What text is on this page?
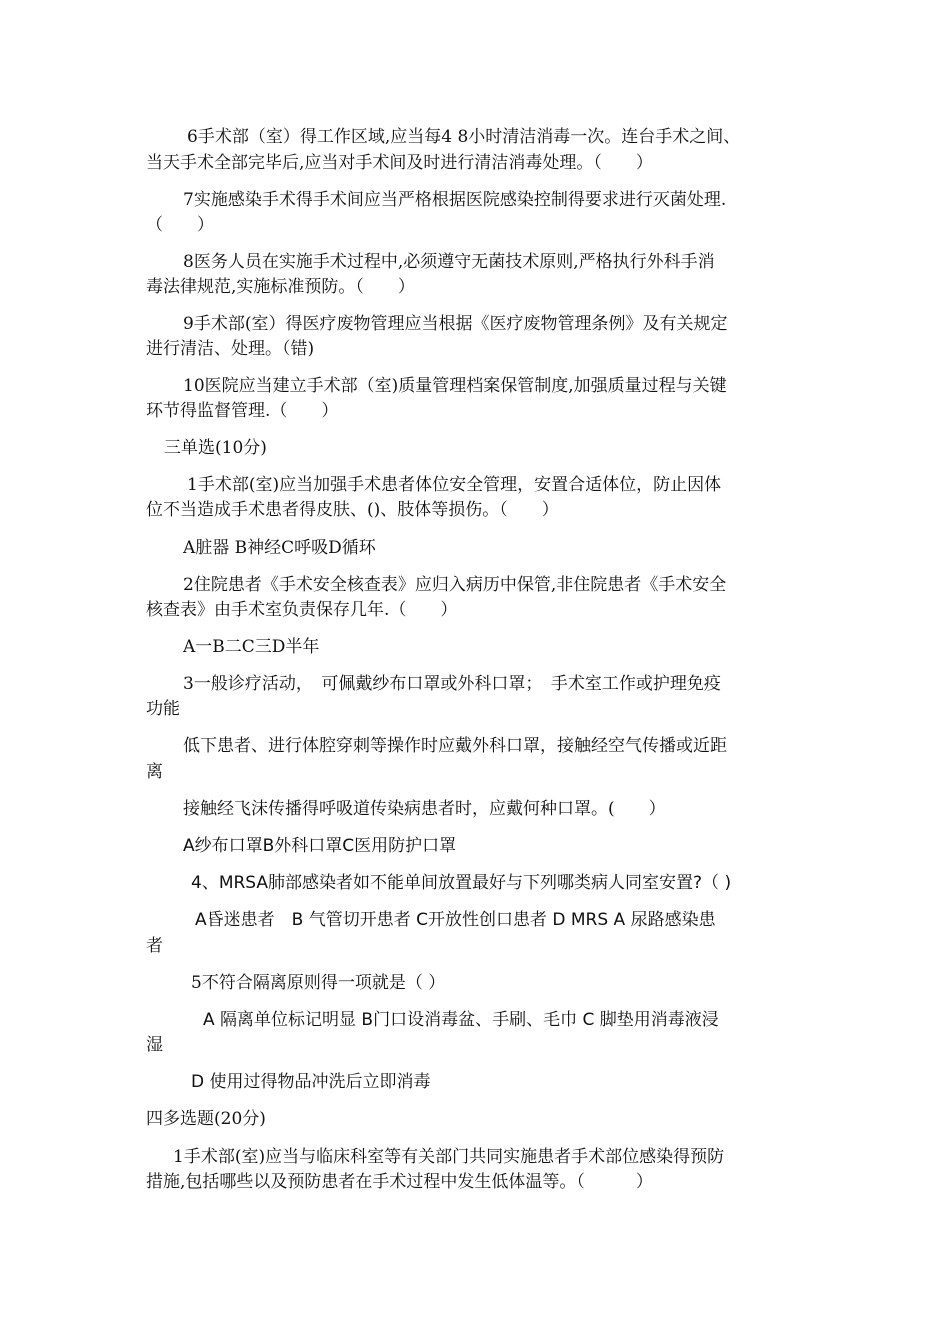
6手术部（室）得工作区域,应当每4 8小时清洁消毒一次。连台手术之间、
当天手术全部完毕后,应当对手术间及时进行清洁消毒处理。（　　）
7实施感染手术得手术间应当严格根据医院感染控制得要求进行灭菌处理.
（　　）
8医务人员在实施手术过程中,必须遵守无菌技术原则,严格执行外科手消
毒法律规范,实施标准预防。（　　）
9手术部(室）得医疗废物管理应当根据《医疗废物管理条例》及有关规定
进行清洁、处理。（错)
10医院应当建立手术部（室)质量管理档案保管制度,加强质量过程与关键
环节得监督管理.（　　）
三单选(10分)
1手术部(室)应当加强手术患者体位安全管理，安置合适体位，防止因体
位不当造成手术患者得皮肤、()、肢体等损伤。（　　）
A脏器 B神经C呼吸D循环
2住院患者《手术安全核查表》应归入病历中保管,非住院患者《手术安全
核查表》由手术室负责保存几年.（　　）
A一B二C三D半年
3一般诊疗活动，　可佩戴纱布口罩或外科口罩；　手术室工作或护理免疫
功能
低下患者、进行体腔穿刺等操作时应戴外科口罩，接触经空气传播或近距
离
接触经飞沫传播得呼吸道传染病患者时，应戴何种口罩。(　　）
A纱布口罩B外科口罩C医用防护口罩
4、MRSA肺部感染者如不能单间放置最好与下列哪类病人同室安置?（ )
A昏迷患者　B 气管切开患者 C开放性创口患者 D MRS A 尿路感染患
者
5不符合隔离原则得一项就是（ ）
A 隔离单位标记明显 B门口设消毒盆、手刷、毛巾 C 脚垫用消毒液浸
湿
D 使用过得物品冲洗后立即消毒
四多选题(20分)
1手术部(室)应当与临床科室等有关部门共同实施患者手术部位感染得预防
措施,包括哪些以及预防患者在手术过程中发生低体温等。（　　　）
